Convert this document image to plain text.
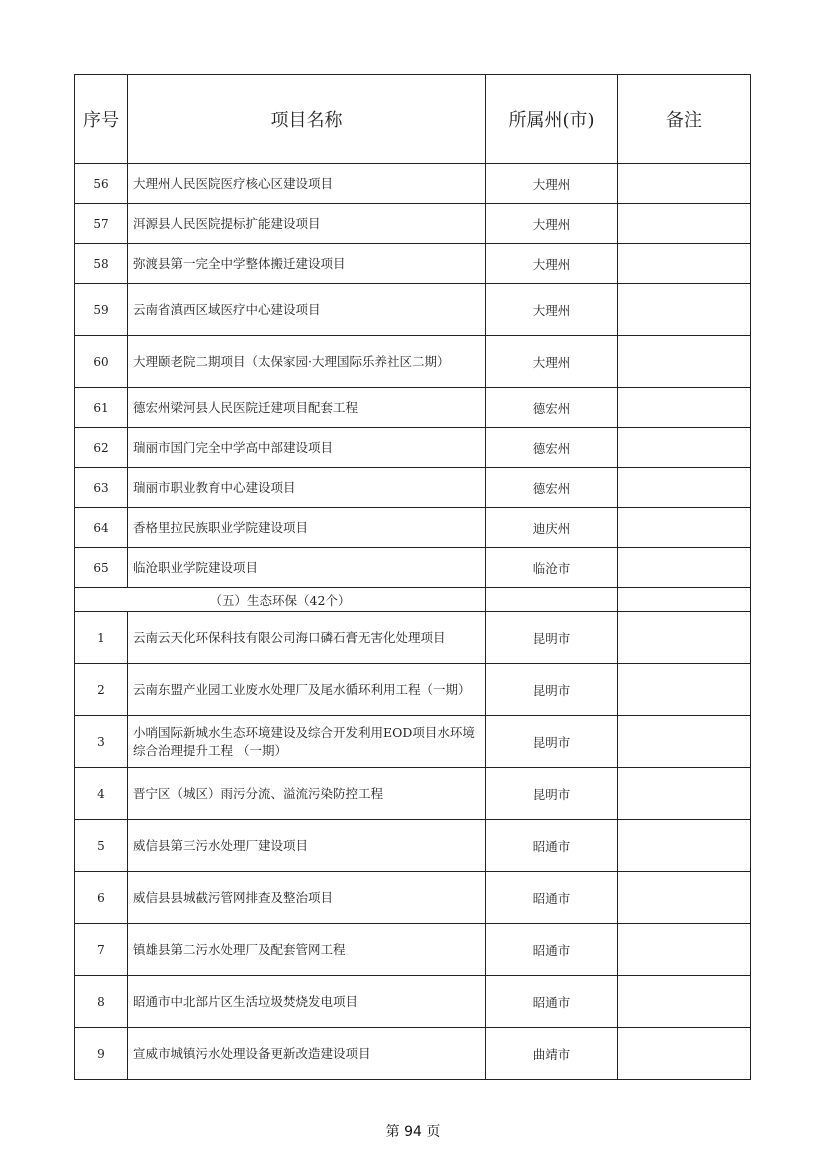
序号	项目名称	所属州(市)	备注
56	大理州人民医院医疗核心区建设项目	大理州	
57	洱源县人民医院提标扩能建设项目	大理州	
58	弥渡县第一完全中学整体搬迁建设项目	大理州	
59	云南省滇西区域医疗中心建设项目	大理州	
60	大理颐老院二期项目（太保家园·大理国际乐养社区二期）	大理州	
61	德宏州梁河县人民医院迁建项目配套工程	德宏州	
62	瑞丽市国门完全中学高中部建设项目	德宏州	
63	瑞丽市职业教育中心建设项目	德宏州	
64	香格里拉民族职业学院建设项目	迪庆州	
65	临沧职业学院建设项目	临沧市	
（五）生态环保（42个）			
1	云南云天化环保科技有限公司海口磷石膏无害化处理项目	昆明市	
2	云南东盟产业园工业废水处理厂及尾水循环利用工程（一期）	昆明市	
3	小哨国际新城水生态环境建设及综合开发利用EOD项目水环境综合治理提升工程 （一期）	昆明市	
4	晋宁区（城区）雨污分流、溢流污染防控工程	昆明市	
5	威信县第三污水处理厂建设项目	昭通市	
6	威信县县城截污管网排查及整治项目	昭通市	
7	镇雄县第二污水处理厂及配套管网工程	昭通市	
8	昭通市中北部片区生活垃圾焚烧发电项目	昭通市	
9	宣威市城镇污水处理设备更新改造建设项目	曲靖市	
第 94 页
